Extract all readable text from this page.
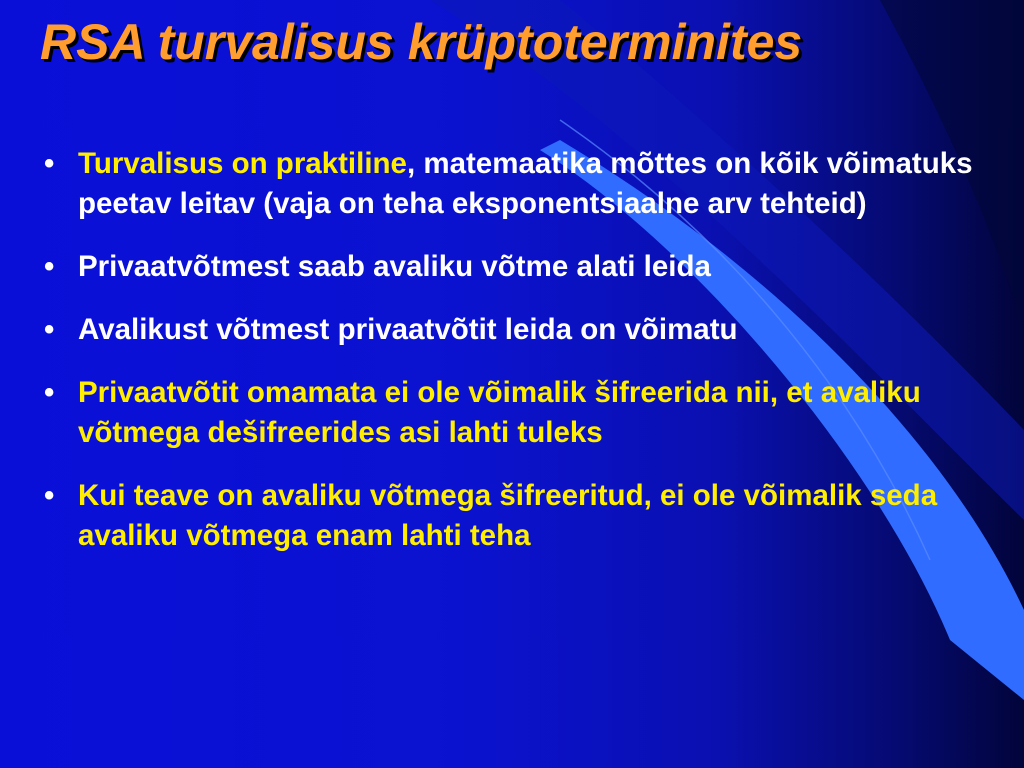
RSA turvalisus krüptoterminites
• Turvalisus on praktiline, matemaatika mõttes on kõik võimatuks peetav leitav (vaja on teha eksponentsiaalne arv tehteid)
• Privaatvõtmest saab avaliku võtme alati leida
• Avalikust võtmest privaatvõtit leida on võimatu
• Privaatvõtit omamata ei ole võimalik šifreerida nii, et avaliku võtmega dešifreerides asi lahti tuleks
• Kui teave on avaliku võtmega šifreeritud, ei ole võimalik seda avaliku võtmega enam lahti teha
